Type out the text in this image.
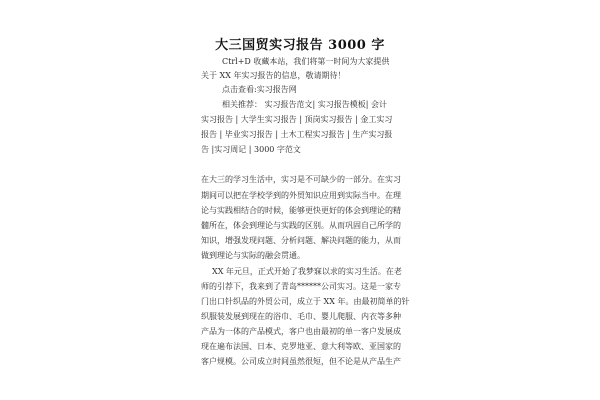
大三国贸实习报告 3000 字
Ctrl+D 收藏本站，我们将第一时间为大家提供
关于 XX 年实习报告的信息，敬请期待！
点击查看:实习报告网
相关推荐： 实习报告范文| 实习报告模板| 会计
实习报告 | 大学生实习报告 | 顶岗实习报告 | 金工实习
报告 | 毕业实习报告 | 土木工程实习报告 | 生产实习报
告 |实习周记 | 3000 字范文
在大三的学习生活中，实习是不可缺少的一部分。在实习
期间可以把在学校学到的外贸知识应用到实际当中。在理
论与实践相结合的时候，能够更快更好的体会到理论的精
髓所在，体会到理论与实践的区别。从而巩固自己所学的
知识，增强发现问题、分析问题、解决问题的能力，从而
做到理论与实际的融会贯通。
XX 年元旦，正式开始了我梦寐以求的实习生活。在老
师的引荐下，我来到了青岛******公司实习。这是一家专
门出口针织品的外贸公司，成立于 XX 年。由最初简单的针
织服装发展到现在的浴巾、毛巾、婴儿爬服、内衣等多种
产品为一体的产品模式，客户也由最初的单一客户发展成
现在遍布法国、日本、克罗地亚、意大利等欧、亚国家的
客户规模。公司成立时间虽然很短，但不论是从产品生产
